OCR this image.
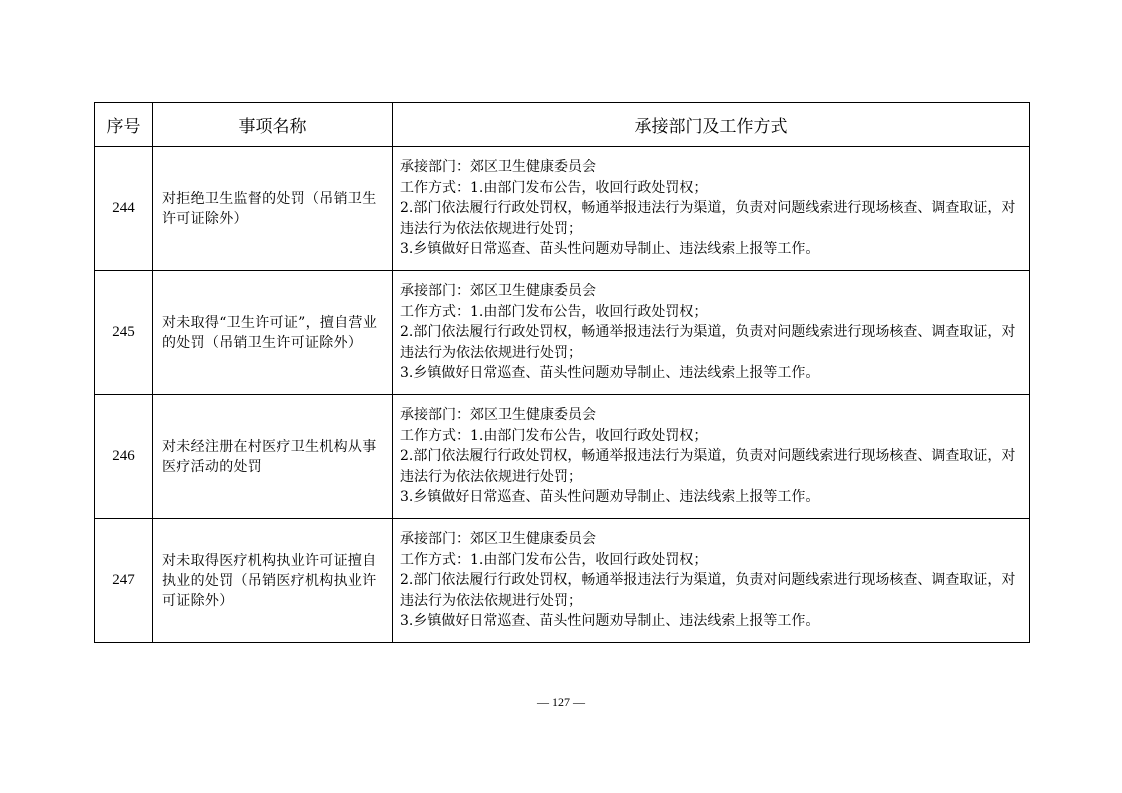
序号	事项名称	承接部门及工作方式
244	对拒绝卫生监督的处罚（吊销卫生许可证除外）	承接部门：郊区卫生健康委员会
工作方式：1.由部门发布公告，收回行政处罚权；
2.部门依法履行行政处罚权，畅通举报违法行为渠道，负责对问题线索进行现场核查、调查取证，对违法行为依法依规进行处罚；
3.乡镇做好日常巡查、苗头性问题劝导制止、违法线索上报等工作。

245	对未取得“卫生许可证”，擅自营业的处罚（吊销卫生许可证除外）	承接部门：郊区卫生健康委员会
工作方式：1.由部门发布公告，收回行政处罚权；
2.部门依法履行行政处罚权，畅通举报违法行为渠道，负责对问题线索进行现场核查、调查取证，对违法行为依法依规进行处罚；
3.乡镇做好日常巡查、苗头性问题劝导制止、违法线索上报等工作。

246	对未经注册在村医疗卫生机构从事医疗活动的处罚	承接部门：郊区卫生健康委员会
工作方式：1.由部门发布公告，收回行政处罚权；
2.部门依法履行行政处罚权，畅通举报违法行为渠道，负责对问题线索进行现场核查、调查取证，对违法行为依法依规进行处罚；
3.乡镇做好日常巡查、苗头性问题劝导制止、违法线索上报等工作。

247	对未取得医疗机构执业许可证擅自执业的处罚（吊销医疗机构执业许可证除外）	承接部门：郊区卫生健康委员会
工作方式：1.由部门发布公告，收回行政处罚权；
2.部门依法履行行政处罚权，畅通举报违法行为渠道，负责对问题线索进行现场核查、调查取证，对违法行为依法依规进行处罚；
3.乡镇做好日常巡查、苗头性问题劝导制止、违法线索上报等工作。
— 127 —
